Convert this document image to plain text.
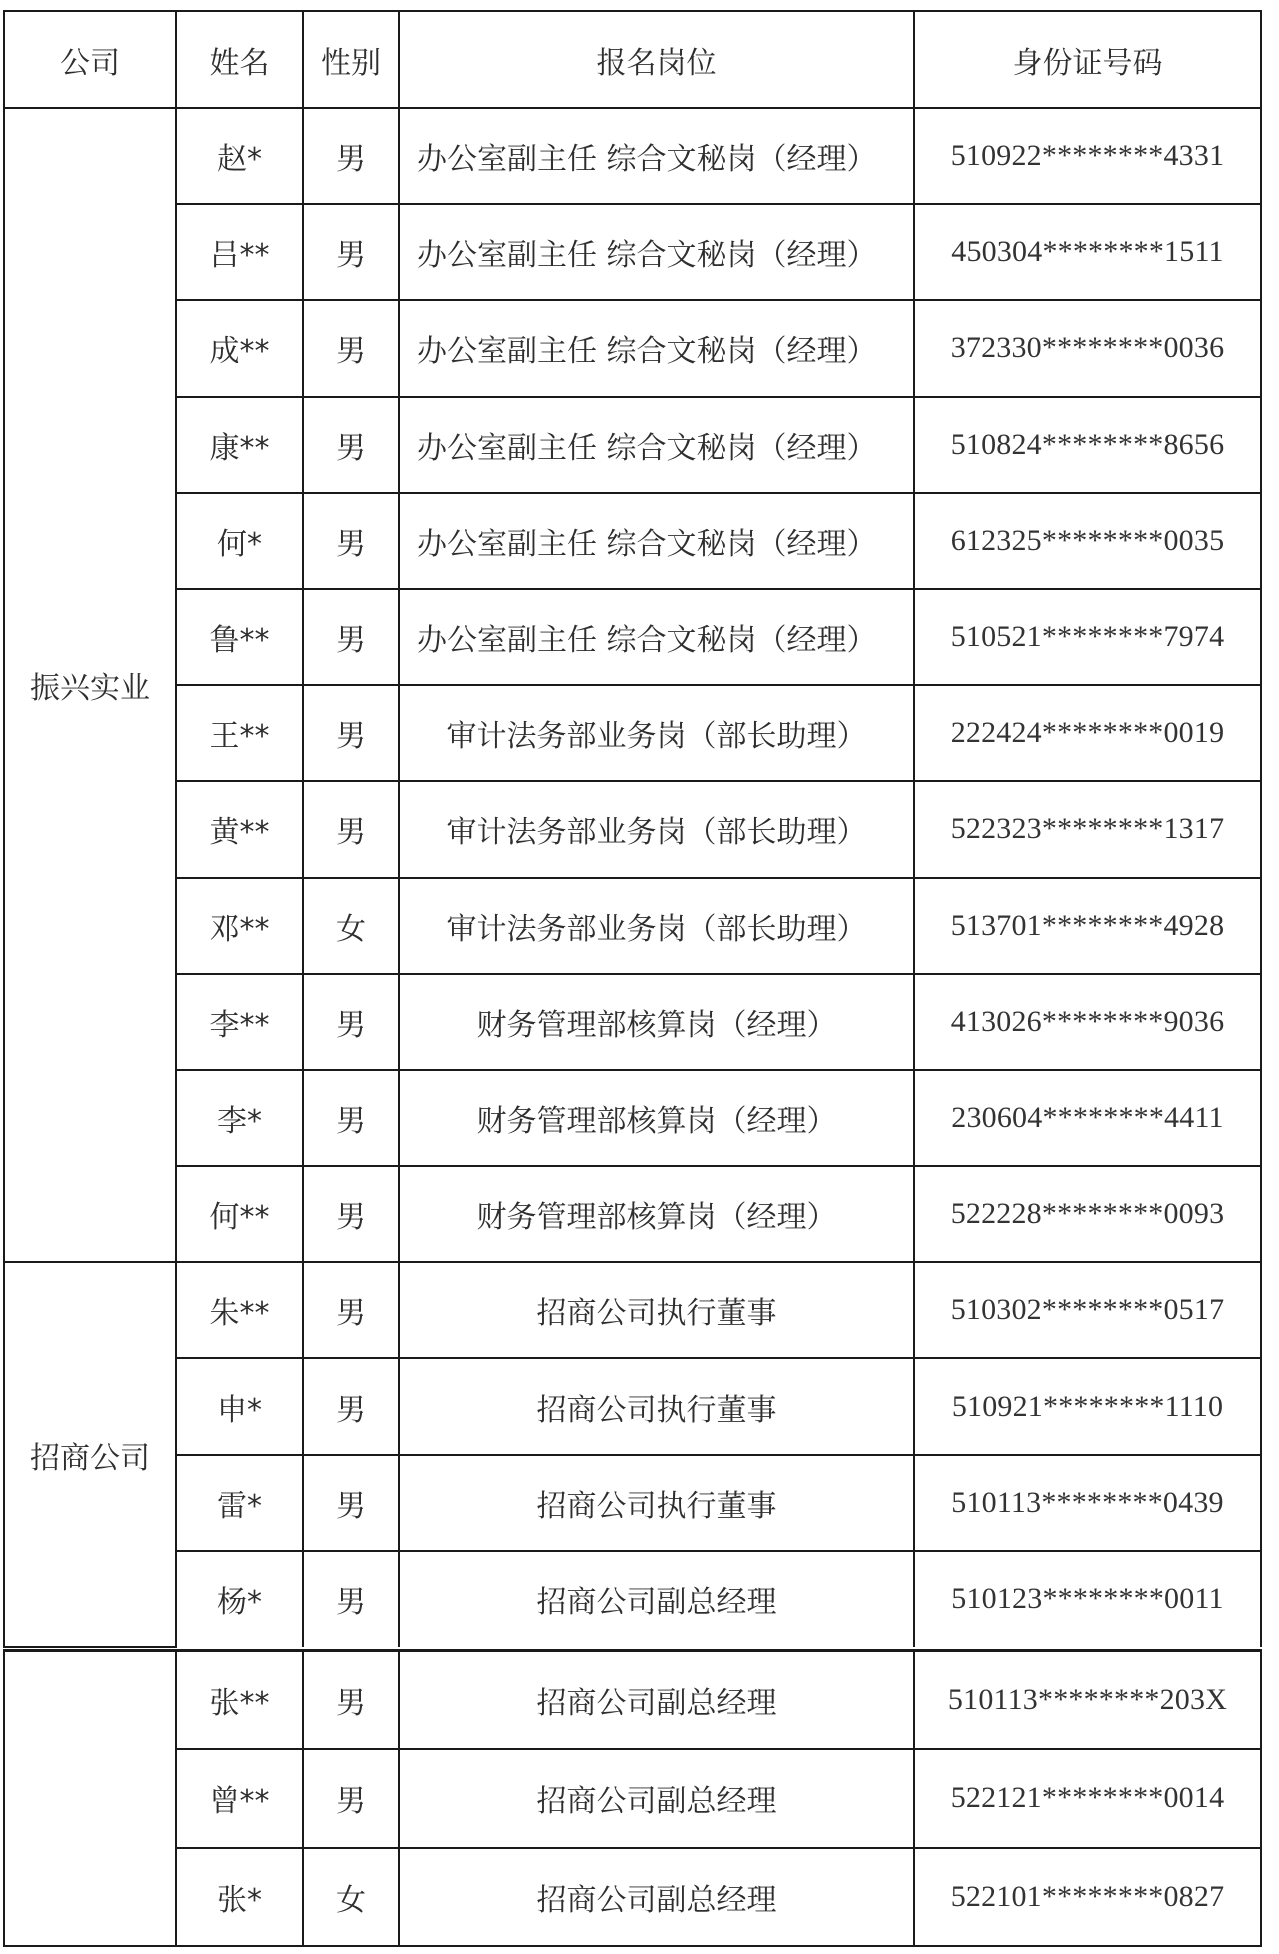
公司	姓名	性别	报名岗位	身份证号码
振兴实业	赵*	男	办公室副主任 综合文秘岗（经理）	510922********4331
	吕**	男	办公室副主任 综合文秘岗（经理）	450304********1511
	成**	男	办公室副主任 综合文秘岗（经理）	372330********0036
	康**	男	办公室副主任 综合文秘岗（经理）	510824********8656
	何*	男	办公室副主任 综合文秘岗（经理）	612325********0035
	鲁**	男	办公室副主任 综合文秘岗（经理）	510521********7974
	王**	男	审计法务部业务岗（部长助理）	222424********0019
	黄**	男	审计法务部业务岗（部长助理）	522323********1317
	邓**	女	审计法务部业务岗（部长助理）	513701********4928
	李**	男	财务管理部核算岗（经理）	413026********9036
	李*	男	财务管理部核算岗（经理）	230604********4411
	何**	男	财务管理部核算岗（经理）	522228********0093
招商公司	朱**	男	招商公司执行董事	510302********0517
	申*	男	招商公司执行董事	510921********1110
	雷*	男	招商公司执行董事	510113********0439
	杨*	男	招商公司副总经理	510123********0011
	张**	男	招商公司副总经理	510113********203X
	曾**	男	招商公司副总经理	522121********0014
	张*	女	招商公司副总经理	522101********0827
